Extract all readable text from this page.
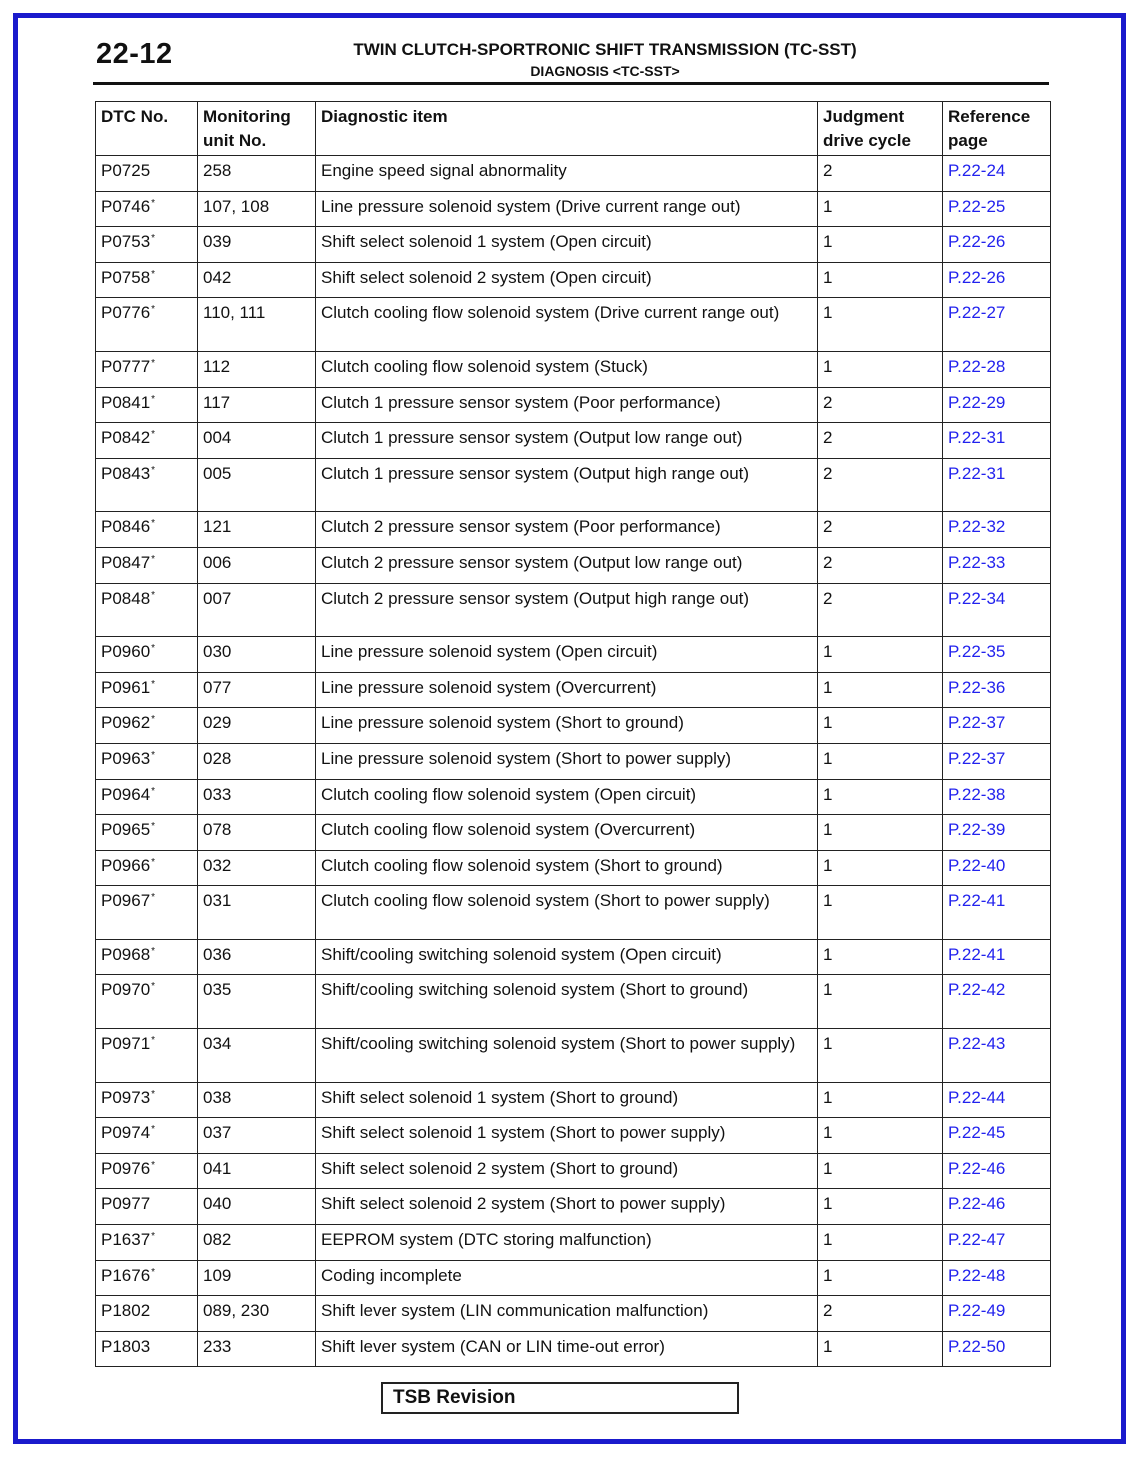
22-12	TWIN CLUTCH-SPORTRONIC SHIFT TRANSMISSION (TC-SST)
DIAGNOSIS <TC-SST>
DTC No.	Monitoring unit No.	Diagnostic item	Judgment drive cycle	Reference page
P0725	258	Engine speed signal abnormality	2	P.22-24
P0746*	107, 108	Line pressure solenoid system (Drive current range out)	1	P.22-25
P0753*	039	Shift select solenoid 1 system (Open circuit)	1	P.22-26
P0758*	042	Shift select solenoid 2 system (Open circuit)	1	P.22-26
P0776*	110, 111	Clutch cooling flow solenoid system (Drive current range out)	1	P.22-27
P0777*	112	Clutch cooling flow solenoid system (Stuck)	1	P.22-28
P0841*	117	Clutch 1 pressure sensor system (Poor performance)	2	P.22-29
P0842*	004	Clutch 1 pressure sensor system (Output low range out)	2	P.22-31
P0843*	005	Clutch 1 pressure sensor system (Output high range out)	2	P.22-31
P0846*	121	Clutch 2 pressure sensor system (Poor performance)	2	P.22-32
P0847*	006	Clutch 2 pressure sensor system (Output low range out)	2	P.22-33
P0848*	007	Clutch 2 pressure sensor system (Output high range out)	2	P.22-34
P0960*	030	Line pressure solenoid system (Open circuit)	1	P.22-35
P0961*	077	Line pressure solenoid system (Overcurrent)	1	P.22-36
P0962*	029	Line pressure solenoid system (Short to ground)	1	P.22-37
P0963*	028	Line pressure solenoid system (Short to power supply)	1	P.22-37
P0964*	033	Clutch cooling flow solenoid system (Open circuit)	1	P.22-38
P0965*	078	Clutch cooling flow solenoid system (Overcurrent)	1	P.22-39
P0966*	032	Clutch cooling flow solenoid system (Short to ground)	1	P.22-40
P0967*	031	Clutch cooling flow solenoid system (Short to power supply)	1	P.22-41
P0968*	036	Shift/cooling switching solenoid system (Open circuit)	1	P.22-41
P0970*	035	Shift/cooling switching solenoid system (Short to ground)	1	P.22-42
P0971*	034	Shift/cooling switching solenoid system (Short to power supply)	1	P.22-43
P0973*	038	Shift select solenoid 1 system (Short to ground)	1	P.22-44
P0974*	037	Shift select solenoid 1 system (Short to power supply)	1	P.22-45
P0976*	041	Shift select solenoid 2 system (Short to ground)	1	P.22-46
P0977	040	Shift select solenoid 2 system (Short to power supply)	1	P.22-46
P1637*	082	EEPROM system (DTC storing malfunction)	1	P.22-47
P1676*	109	Coding incomplete	1	P.22-48
P1802	089, 230	Shift lever system (LIN communication malfunction)	2	P.22-49
P1803	233	Shift lever system (CAN or LIN time-out error)	1	P.22-50
TSB Revision
